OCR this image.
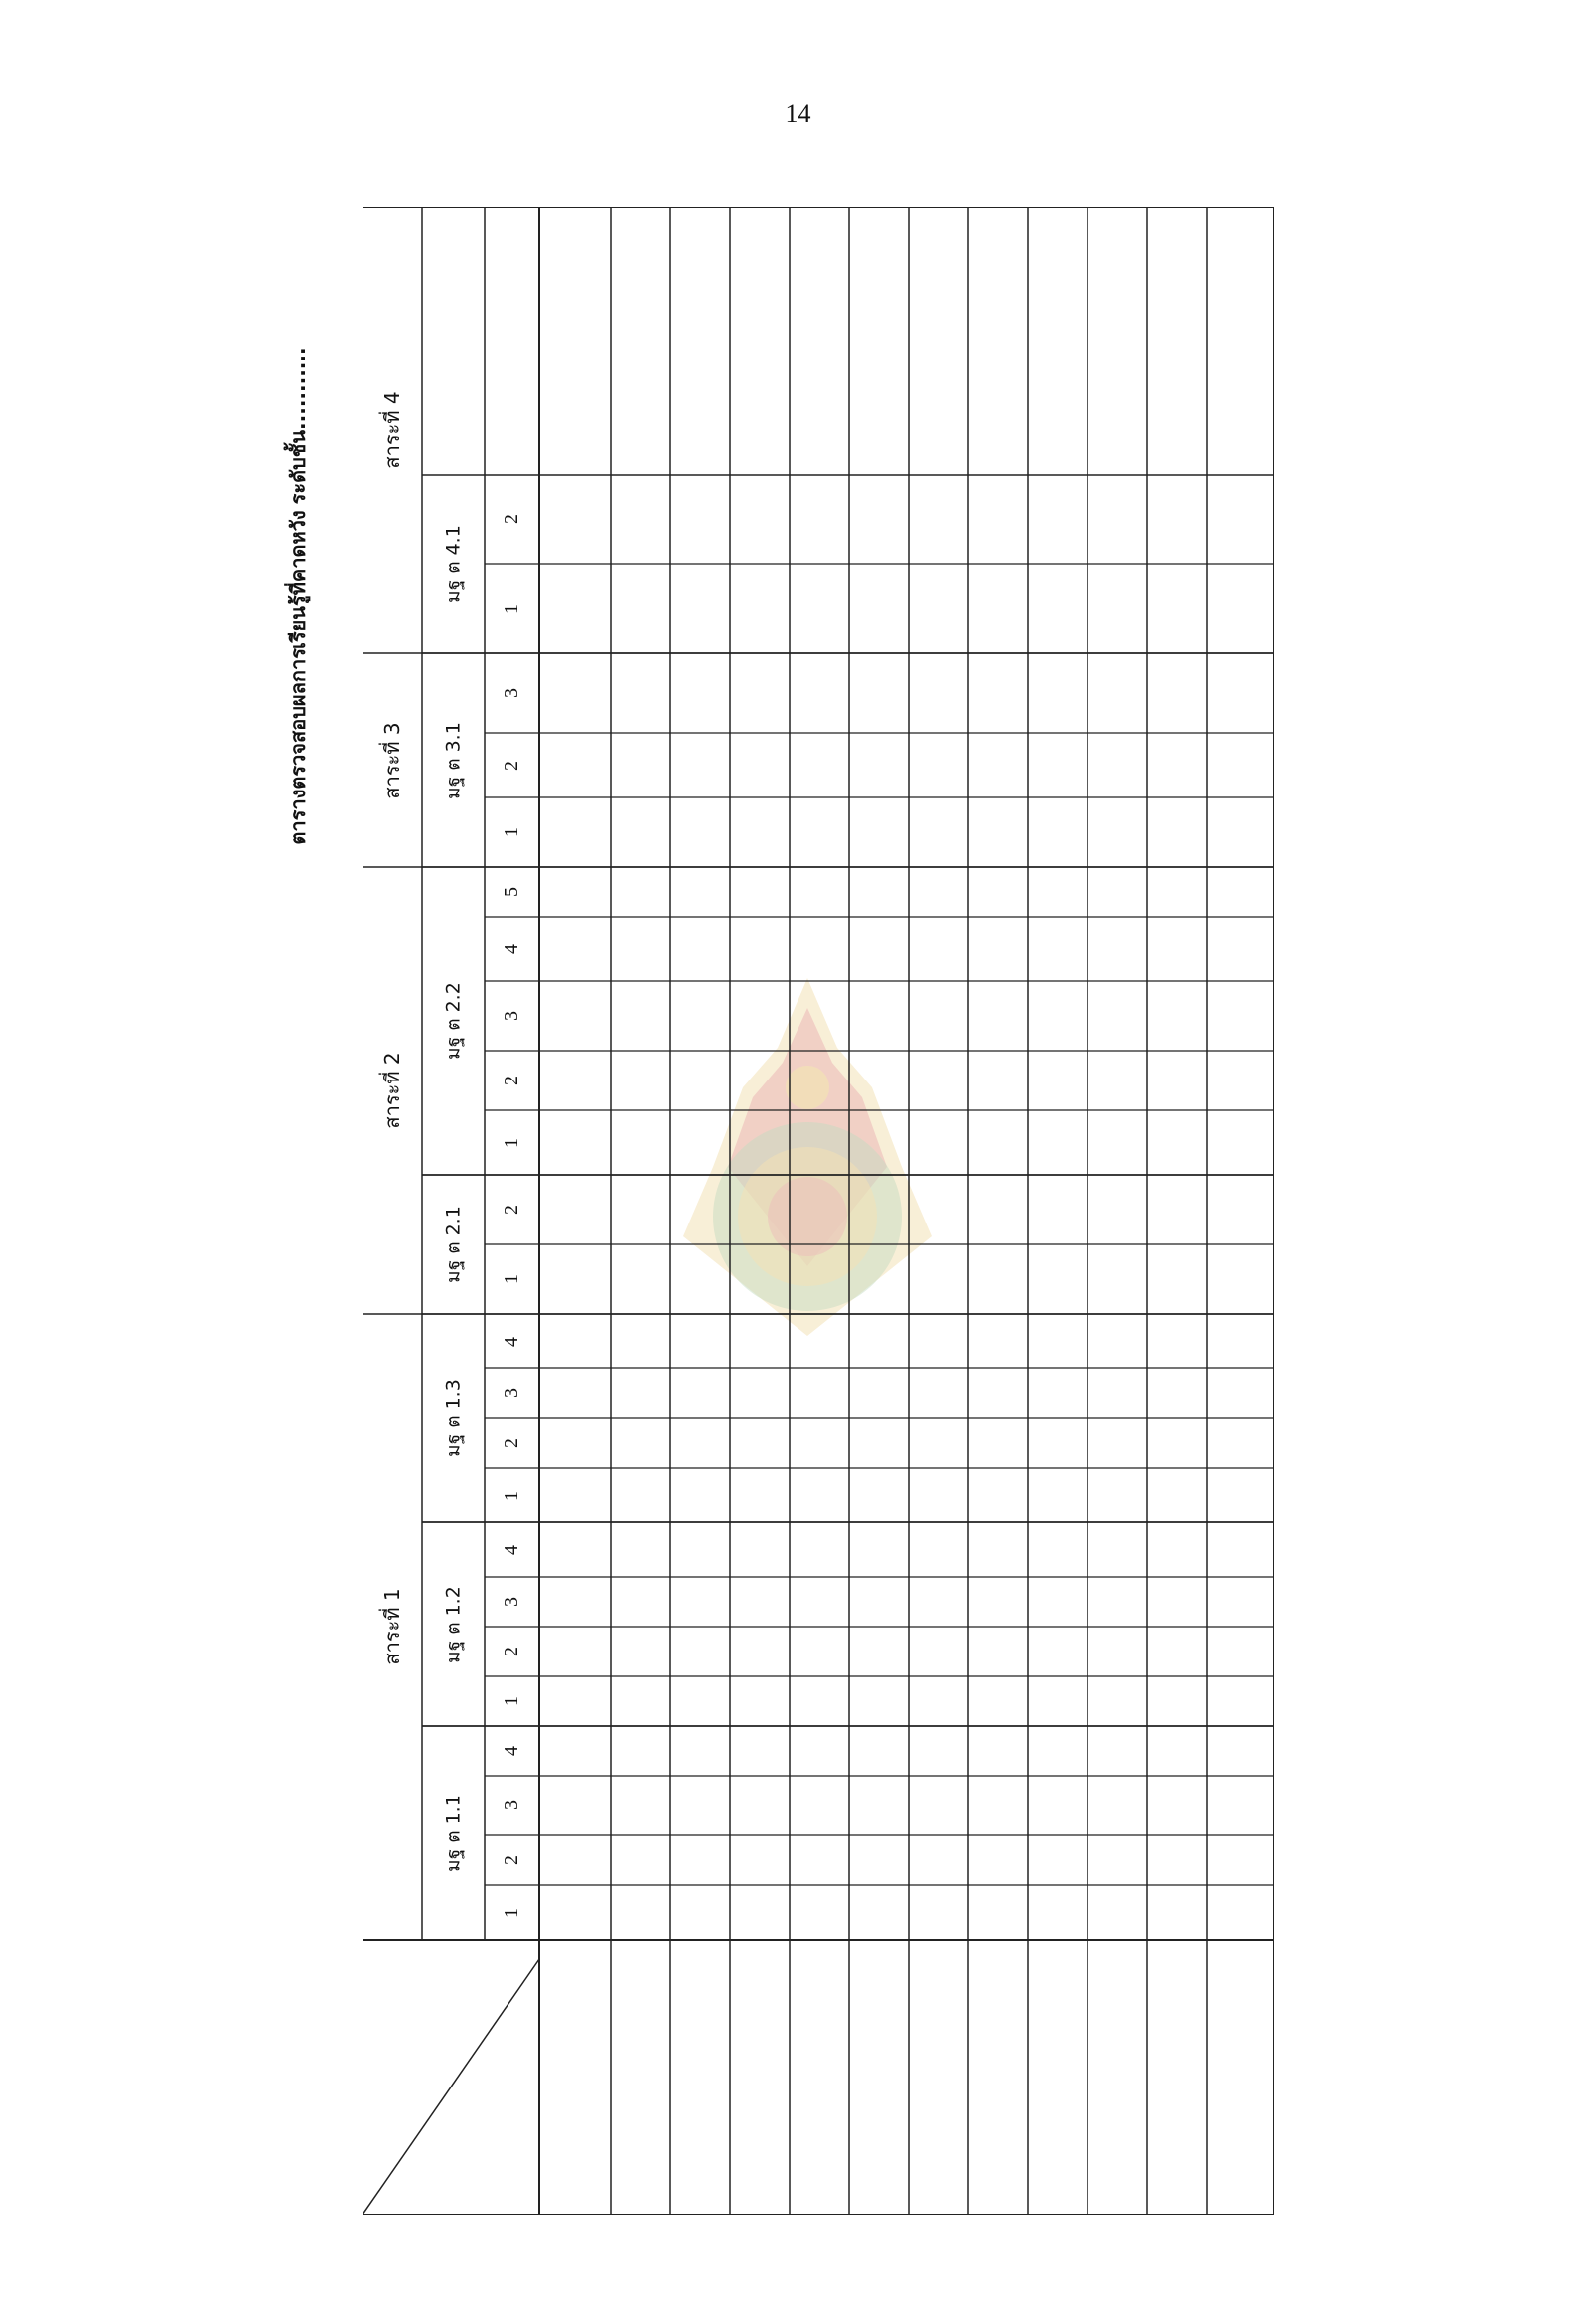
14
ตารางตรวจสอบผลการเรียนรู้ที่คาดหวัง ระดับชั้น...........
สาระที่ 1
มฐ ต 1.1
1
2
3
4
มฐ ต 1.2
1
2
3
4
มฐ ต 1.3
1
2
3
4
สาระที่ 2
มฐ ต 2.1 1
2
มฐ ต 2.2
1
2
3
4
5
สาระที่ 3 มฐ ต 3.1
1
2
3
สาระที่ 4
มฐ ต 4.1
1
2
